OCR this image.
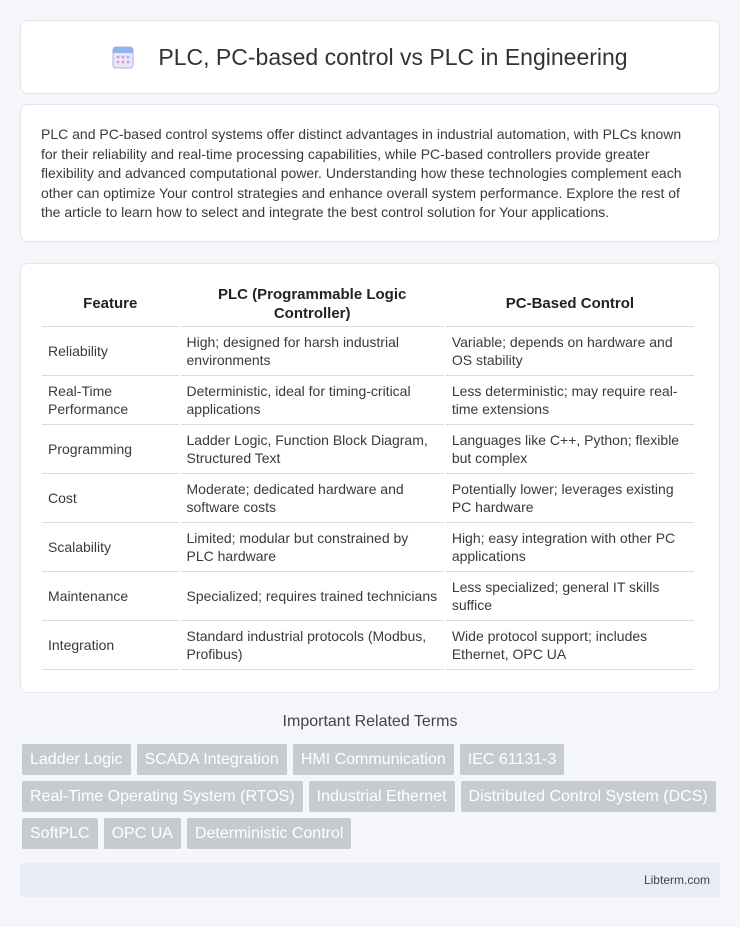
PLC, PC-based control vs PLC in Engineering

PLC and PC-based control systems offer distinct advantages in industrial automation, with PLCs known for their reliability and real-time processing capabilities, while PC-based controllers provide greater flexibility and advanced computational power. Understanding how these technologies complement each other can optimize Your control strategies and enhance overall system performance. Explore the rest of the article to learn how to select and integrate the best control solution for Your applications.

Feature	PLC (Programmable Logic Controller)	PC-Based Control
Reliability	High; designed for harsh industrial environments	Variable; depends on hardware and OS stability
Real-Time Performance	Deterministic, ideal for timing-critical applications	Less deterministic; may require real-time extensions
Programming	Ladder Logic, Function Block Diagram, Structured Text	Languages like C++, Python; flexible but complex
Cost	Moderate; dedicated hardware and software costs	Potentially lower; leverages existing PC hardware
Scalability	Limited; modular but constrained by PLC hardware	High; easy integration with other PC applications
Maintenance	Specialized; requires trained technicians	Less specialized; general IT skills suffice
Integration	Standard industrial protocols (Modbus, Profibus)	Wide protocol support; includes Ethernet, OPC UA
Important Related Terms
Ladder Logic	SCADA Integration	HMI Communication	IEC 61131-3
Real-Time Operating System (RTOS)	Industrial Ethernet	Distributed Control System (DCS)
SoftPLC	OPC UA	Deterministic Control
Libterm.com
